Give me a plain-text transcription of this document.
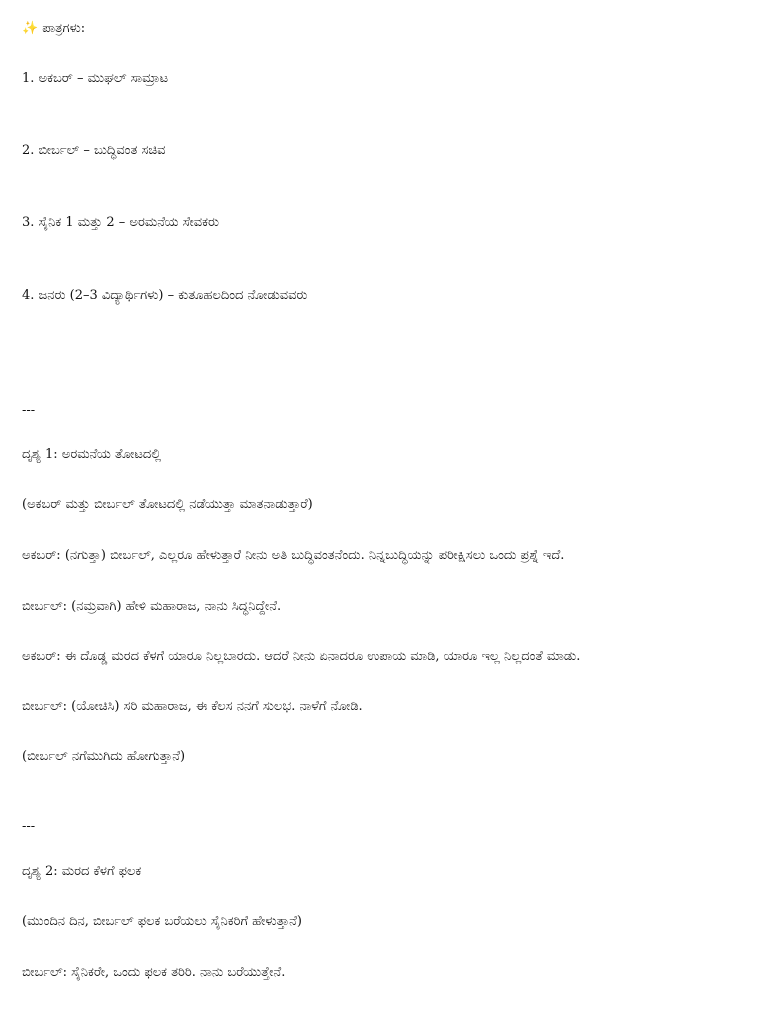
✨ ಪಾತ್ರಗಳು:
1. ಅಕಬರ್ – ಮುಘಲ್ ಸಾಮ್ರಾಟ
2. ಬೀರ್ಬಲ್ – ಬುದ್ಧಿವಂತ ಸಚಿವ
3. ಸೈನಿಕ 1 ಮತ್ತು 2 – ಅರಮನೆಯ ಸೇವಕರು
4. ಜನರು (2–3 ವಿದ್ಯಾರ್ಥಿಗಳು) – ಕುತೂಹಲದಿಂದ ನೋಡುವವರು
---
ದೃಶ್ಯ 1: ಅರಮನೆಯ ತೋಟದಲ್ಲಿ
(ಅಕಬರ್ ಮತ್ತು ಬೀರ್ಬಲ್ ತೋಟದಲ್ಲಿ ನಡೆಯುತ್ತಾ ಮಾತನಾಡುತ್ತಾರೆ)
ಅಕಬರ್: (ನಗುತ್ತಾ) ಬೀರ್ಬಲ್, ಎಲ್ಲರೂ ಹೇಳುತ್ತಾರೆ ನೀನು ಅತಿ ಬುದ್ಧಿವಂತನೆಂದು. ನಿನ್ನಬುದ್ಧಿಯನ್ನು ಪರೀಕ್ಷಿಸಲು ಒಂದು ಪ್ರಶ್ನೆ ಇದೆ.
ಬೀರ್ಬಲ್: (ನಮ್ರವಾಗಿ) ಹೇಳಿ ಮಹಾರಾಜ, ನಾನು ಸಿದ್ಧನಿದ್ದೇನೆ.
ಅಕಬರ್: ಈ ದೊಡ್ಡ ಮರದ ಕೆಳಗೆ ಯಾರೂ ನಿಲ್ಲಬಾರದು. ಆದರೆ ನೀನು ಏನಾದರೂ ಉಪಾಯ ಮಾಡಿ, ಯಾರೂ ಇಲ್ಲ ನಿಲ್ಲದಂತೆ ಮಾಡು.
ಬೀರ್ಬಲ್: (ಯೋಚಿಸಿ) ಸರಿ ಮಹಾರಾಜ, ಈ ಕೆಲಸ ನನಗೆ ಸುಲಭ. ನಾಳೆಗೆ ನೋಡಿ.
(ಬೀರ್ಬಲ್ ನಗೆಮುಗಿದು ಹೋಗುತ್ತಾನೆ)
---
ದೃಶ್ಯ 2: ಮರದ ಕೆಳಗೆ ಫಲಕ
(ಮುಂದಿನ ದಿನ, ಬೀರ್ಬಲ್ ಫಲಕ ಬರೆಯಲು ಸೈನಿಕರಿಗೆ ಹೇಳುತ್ತಾನೆ)
ಬೀರ್ಬಲ್: ಸೈನಿಕರೇ, ಒಂದು ಫಲಕ ತರಿರಿ. ನಾನು ಬರೆಯುತ್ತೇನೆ.
